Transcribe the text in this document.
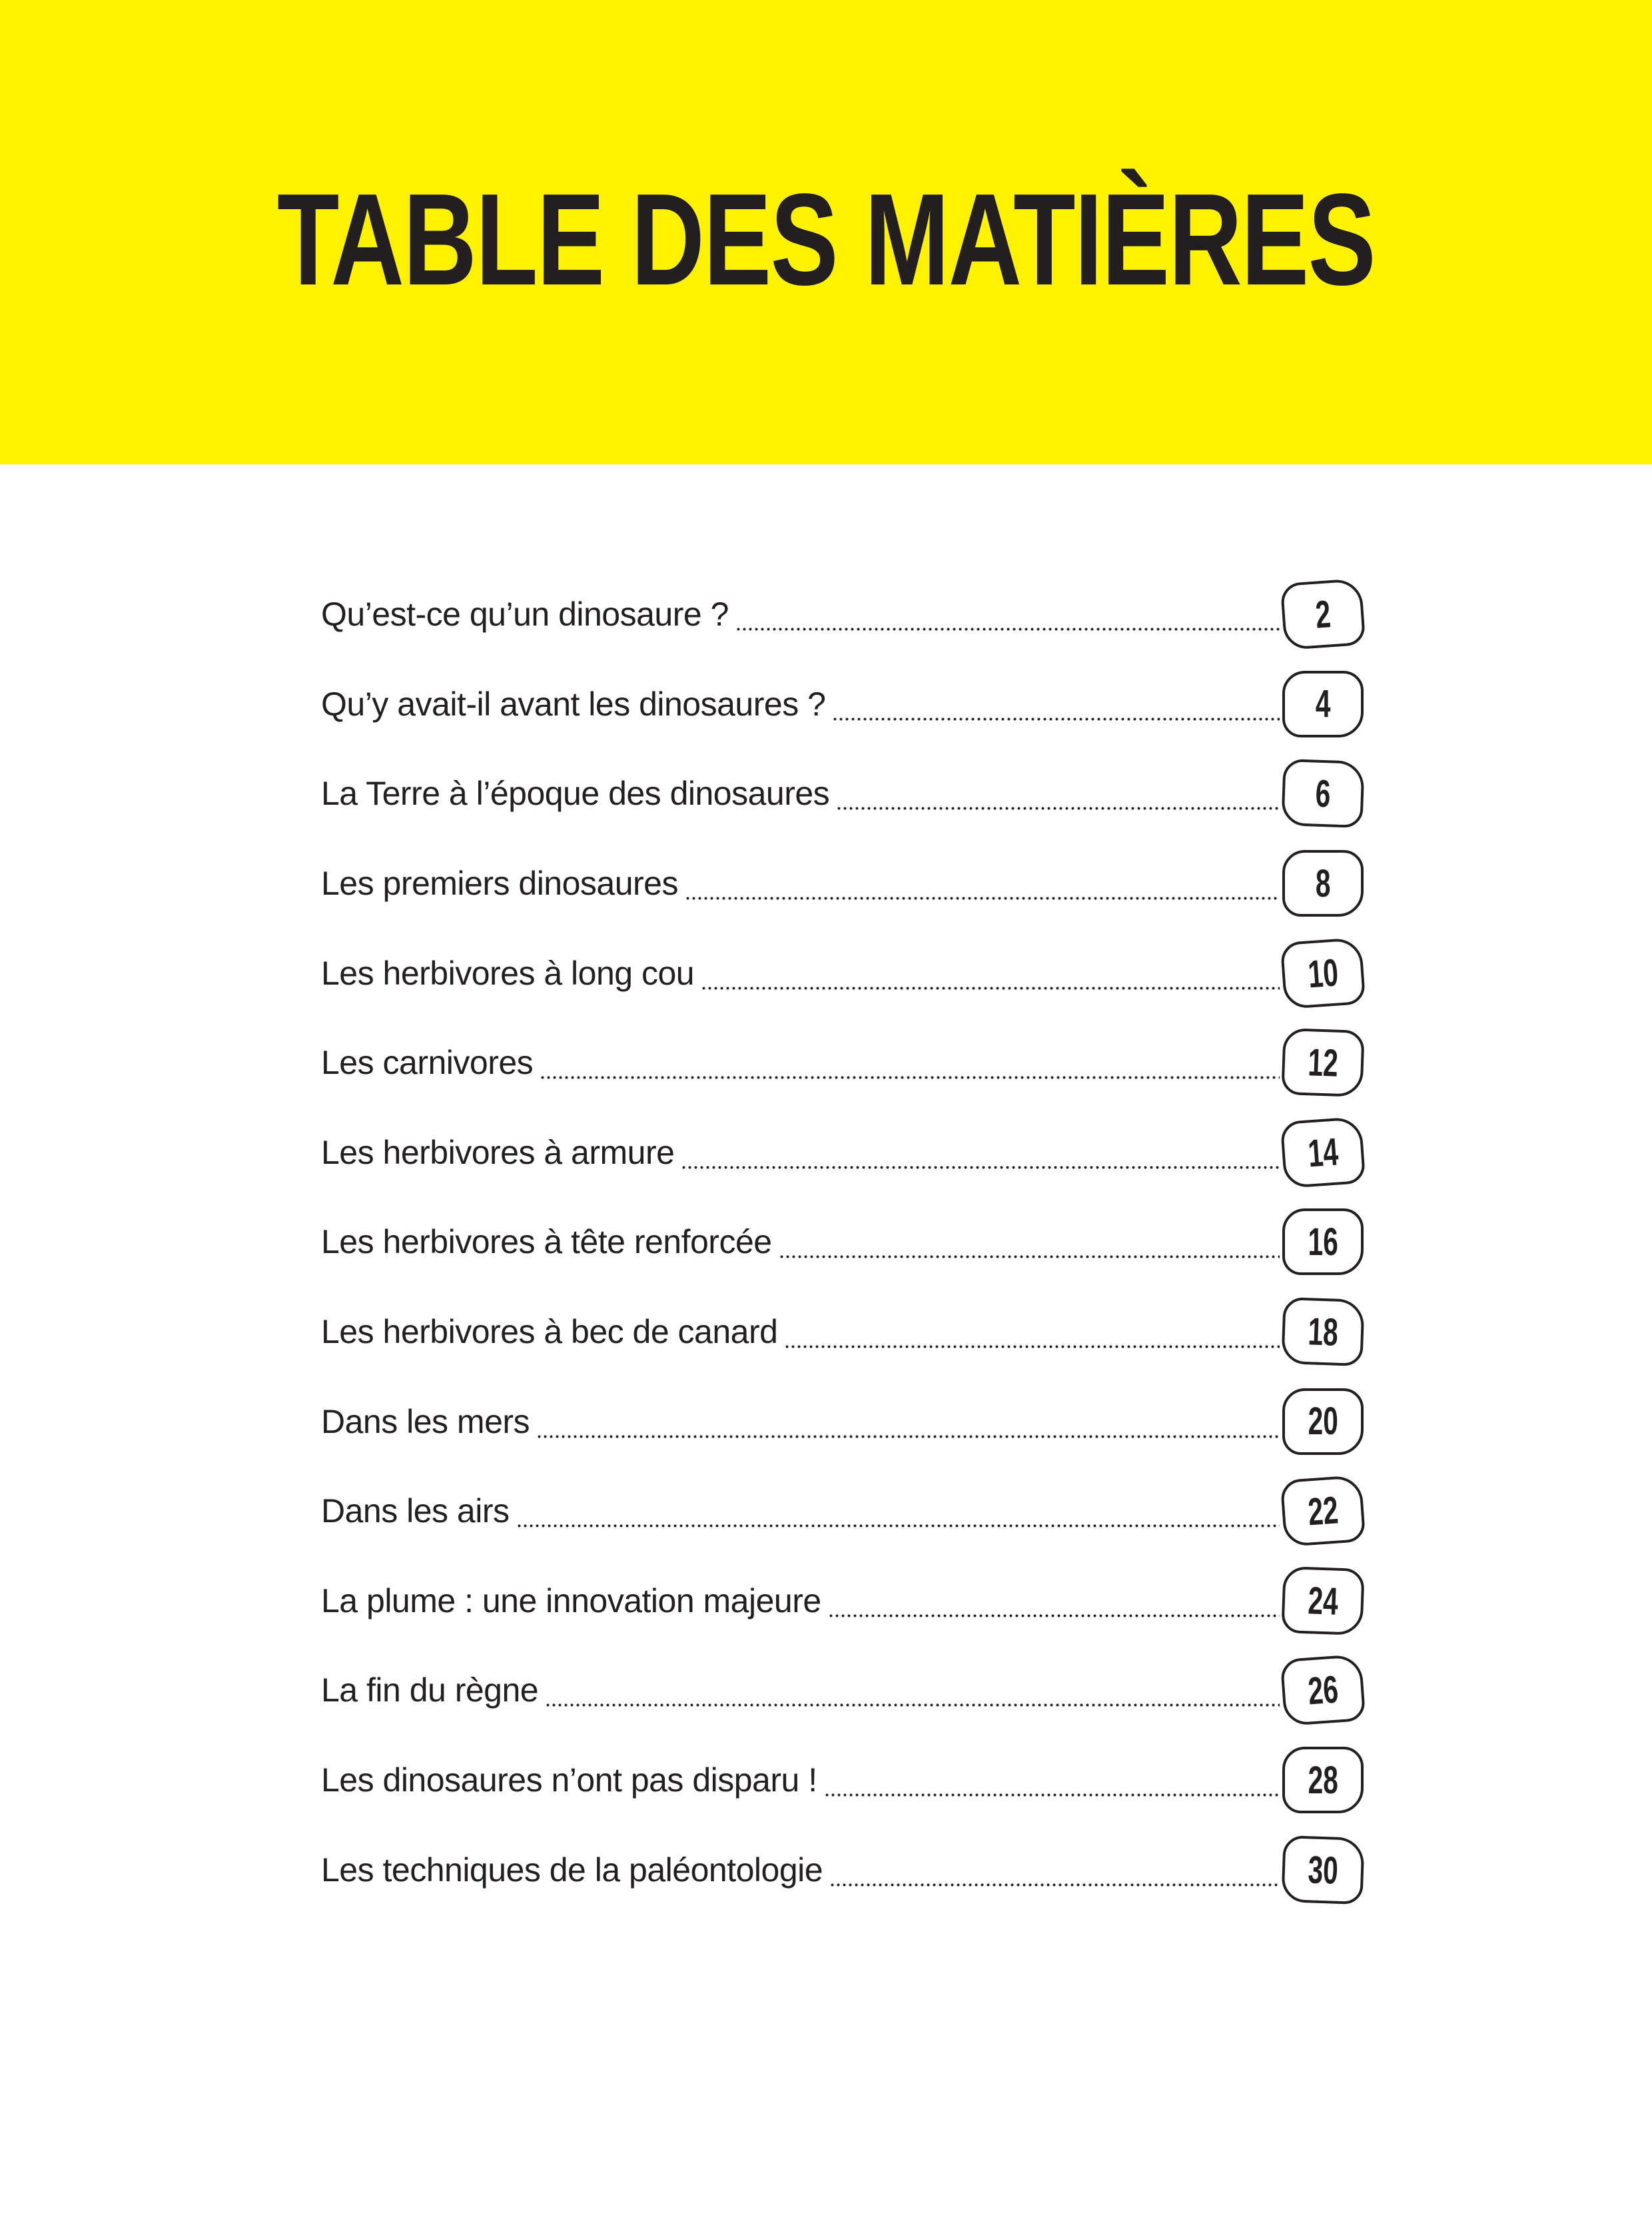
TABLE DES MATIÈRES
Qu’est-ce qu’un dinosaure ?	2
Qu’y avait-il avant les dinosaures ?	4
La Terre à l’époque des dinosaures	6
Les premiers dinosaures	8
Les herbivores à long cou	10
Les carnivores	12
Les herbivores à armure	14
Les herbivores à tête renforcée	16
Les herbivores à bec de canard	18
Dans les mers	20
Dans les airs	22
La plume : une innovation majeure	24
La fin du règne	26
Les dinosaures n’ont pas disparu !	28
Les techniques de la paléontologie	30
